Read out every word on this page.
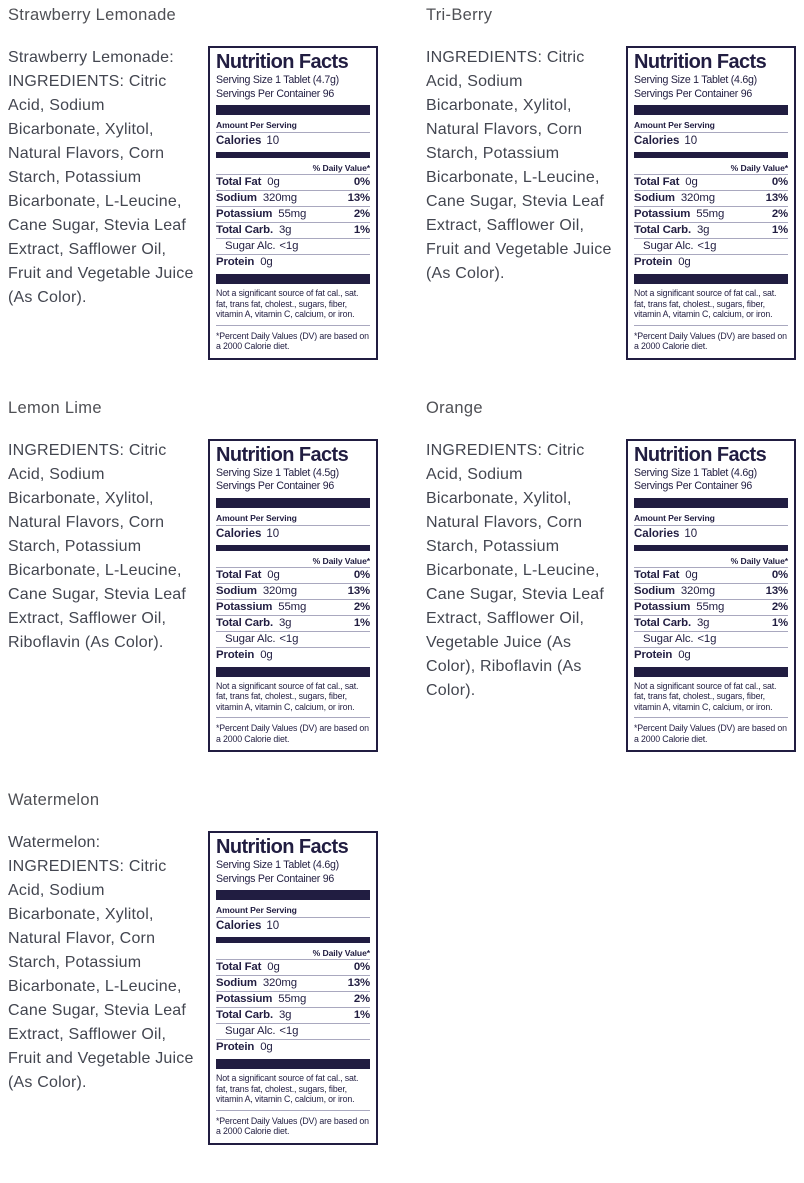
Strawberry Lemonade

Strawberry Lemonade: INGREDIENTS: Citric Acid, Sodium Bicarbonate, Xylitol, Natural Flavors, Corn Starch, Potassium Bicarbonate, L-Leucine, Cane Sugar, Stevia Leaf Extract, Safflower Oil, Fruit and Vegetable Juice (As Color).

Nutrition Facts
Serving Size 1 Tablet (4.7g)
Servings Per Container 96
Amount Per Serving
Calories 10
% Daily Value*
Total Fat 0g	0%
Sodium 320mg	13%
Potassium 55mg	2%
Total Carb. 3g	1%
Sugar Alc. <1g
Protein 0g

Not a significant source of fat cal., sat. fat, trans fat, cholest., sugars, fiber, vitamin A, vitamin C, calcium, or iron.

*Percent Daily Values (DV) are based on a 2000 Calorie diet.

Tri-Berry

INGREDIENTS: Citric Acid, Sodium Bicarbonate, Xylitol, Natural Flavors, Corn Starch, Potassium Bicarbonate, L-Leucine, Cane Sugar, Stevia Leaf Extract, Safflower Oil, Fruit and Vegetable Juice (As Color).

Nutrition Facts
Serving Size 1 Tablet (4.6g)
Servings Per Container 96
Amount Per Serving
Calories 10
% Daily Value*
Total Fat 0g	0%
Sodium 320mg	13%
Potassium 55mg	2%
Total Carb. 3g	1%
Sugar Alc. <1g
Protein 0g

Not a significant source of fat cal., sat. fat, trans fat, cholest., sugars, fiber, vitamin A, vitamin C, calcium, or iron.

*Percent Daily Values (DV) are based on a 2000 Calorie diet.

Lemon Lime

INGREDIENTS: Citric Acid, Sodium Bicarbonate, Xylitol, Natural Flavors, Corn Starch, Potassium Bicarbonate, L-Leucine, Cane Sugar, Stevia Leaf Extract, Safflower Oil, Riboflavin (As Color).

Nutrition Facts
Serving Size 1 Tablet (4.5g)
Servings Per Container 96
Amount Per Serving
Calories 10
% Daily Value*
Total Fat 0g	0%
Sodium 320mg	13%
Potassium 55mg	2%
Total Carb. 3g	1%
Sugar Alc. <1g
Protein 0g

Not a significant source of fat cal., sat. fat, trans fat, cholest., sugars, fiber, vitamin A, vitamin C, calcium, or iron.

*Percent Daily Values (DV) are based on a 2000 Calorie diet.

Orange

INGREDIENTS: Citric Acid, Sodium Bicarbonate, Xylitol, Natural Flavors, Corn Starch, Potassium Bicarbonate, L-Leucine, Cane Sugar, Stevia Leaf Extract, Safflower Oil, Vegetable Juice (As Color), Riboflavin (As Color).

Nutrition Facts
Serving Size 1 Tablet (4.6g)
Servings Per Container 96
Amount Per Serving
Calories 10
% Daily Value*
Total Fat 0g	0%
Sodium 320mg	13%
Potassium 55mg	2%
Total Carb. 3g	1%
Sugar Alc. <1g
Protein 0g

Not a significant source of fat cal., sat. fat, trans fat, cholest., sugars, fiber, vitamin A, vitamin C, calcium, or iron.

*Percent Daily Values (DV) are based on a 2000 Calorie diet.

Watermelon

Watermelon: INGREDIENTS: Citric Acid, Sodium Bicarbonate, Xylitol, Natural Flavor, Corn Starch, Potassium Bicarbonate, L-Leucine, Cane Sugar, Stevia Leaf Extract, Safflower Oil, Fruit and Vegetable Juice (As Color).

Nutrition Facts
Serving Size 1 Tablet (4.6g)
Servings Per Container 96
Amount Per Serving
Calories 10
% Daily Value*
Total Fat 0g	0%
Sodium 320mg	13%
Potassium 55mg	2%
Total Carb. 3g	1%
Sugar Alc. <1g
Protein 0g

Not a significant source of fat cal., sat. fat, trans fat, cholest., sugars, fiber, vitamin A, vitamin C, calcium, or iron.

*Percent Daily Values (DV) are based on a 2000 Calorie diet.
